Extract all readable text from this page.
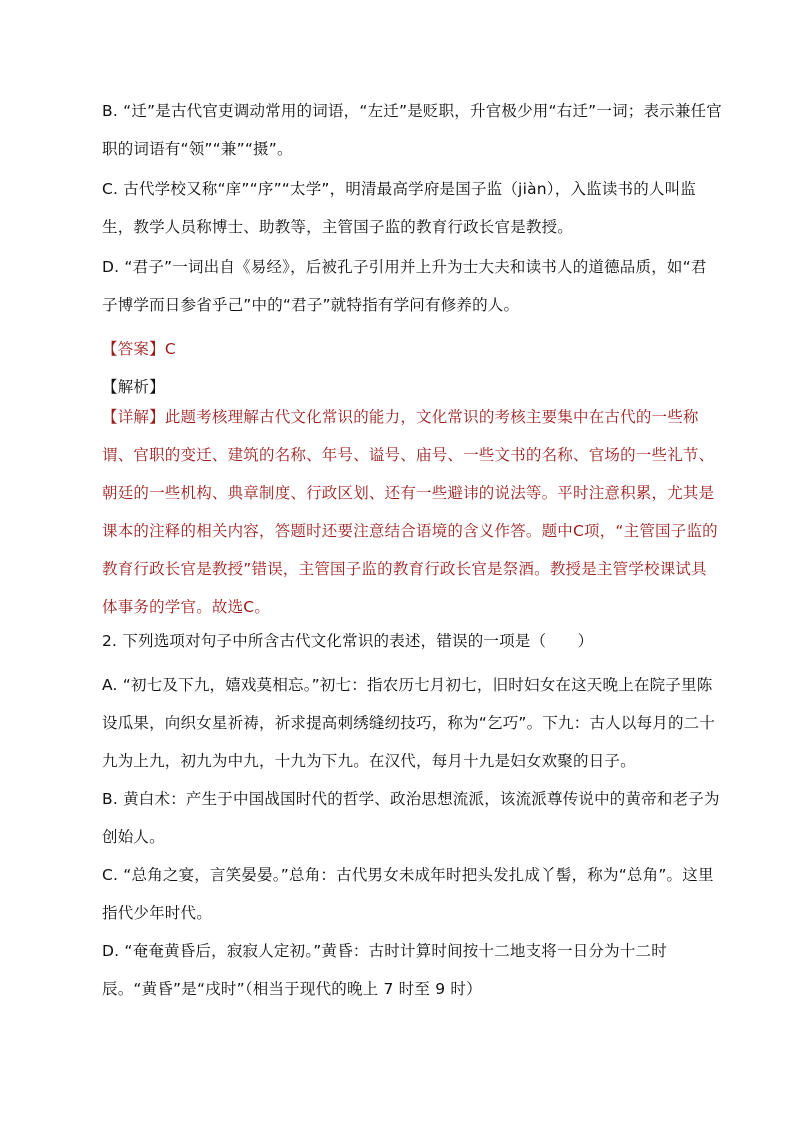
B. “迁”是古代官吏调动常用的词语，“左迁”是贬职，升官极少用“右迁”一词；表示兼任官职的词语有“领”“兼”“摄”。

C. 古代学校又称“庠”“序”“太学”，明清最高学府是国子监（jiàn），入监读书的人叫监生，教学人员称博士、助教等，主管国子监的教育行政长官是教授。

D. “君子”一词出自《易经》，后被孔子引用并上升为士大夫和读书人的道德品质，如“君子博学而日参省乎己”中的“君子”就特指有学问有修养的人。

【答案】C

【解析】

【详解】此题考核理解古代文化常识的能力，文化常识的考核主要集中在古代的一些称谓、官职的变迁、建筑的名称、年号、谥号、庙号、一些文书的名称、官场的一些礼节、朝廷的一些机构、典章制度、行政区划、还有一些避讳的说法等。平时注意积累，尤其是课本的注释的相关内容，答题时还要注意结合语境的含义作答。题中C项，“主管国子监的教育行政长官是教授”错误，主管国子监的教育行政长官是祭酒。教授是主管学校课试具体事务的学官。故选C。

2. 下列选项对句子中所含古代文化常识的表述，错误的一项是（　　）

A. “初七及下九，嬉戏莫相忘。”初七：指农历七月初七，旧时妇女在这天晚上在院子里陈设瓜果，向织女星祈祷，祈求提高刺绣缝纫技巧，称为“乞巧”。下九：古人以每月的二十九为上九，初九为中九，十九为下九。在汉代，每月十九是妇女欢聚的日子。

B. 黄白术：产生于中国战国时代的哲学、政治思想流派，该流派尊传说中的黄帝和老子为创始人。

C. “总角之宴，言笑晏晏。”总角：古代男女未成年时把头发扎成丫髻，称为“总角”。这里指代少年时代。

D. “奄奄黄昏后，寂寂人定初。”黄昏：古时计算时间按十二地支将一日分为十二时辰。“黄昏”是“戌时”（相当于现代的晚上 7 时至 9 时）
